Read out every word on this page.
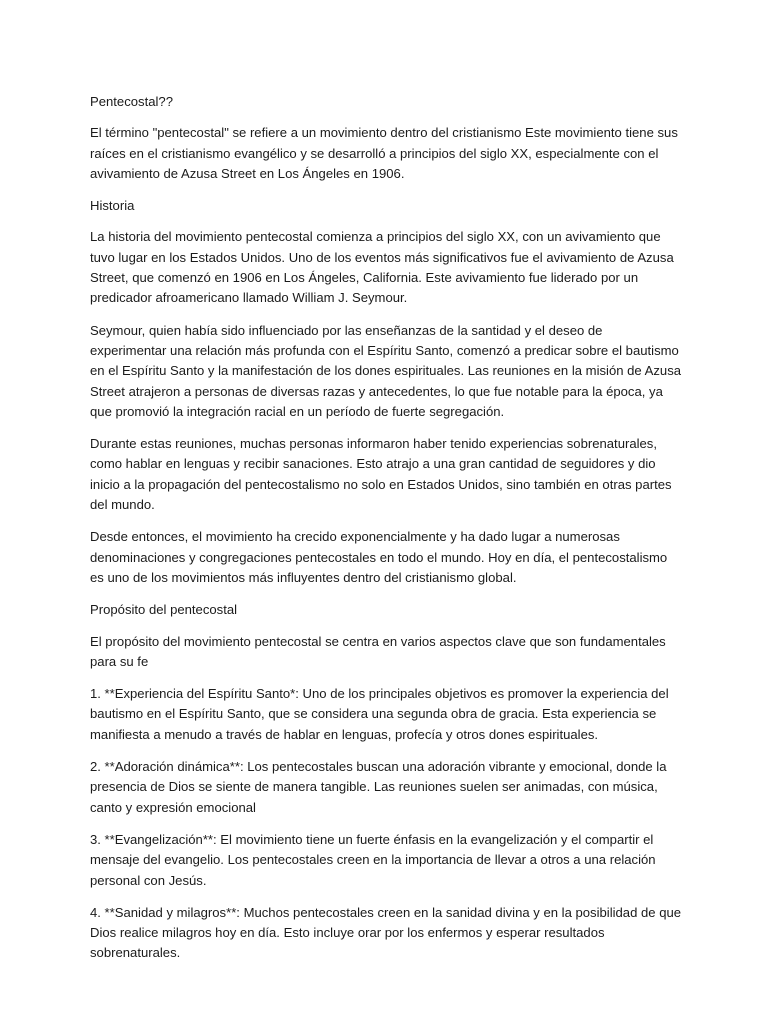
Pentecostal??

El término "pentecostal" se refiere a un movimiento dentro del cristianismo Este movimiento tiene sus raíces en el cristianismo evangélico y se desarrolló a principios del siglo XX, especialmente con el avivamiento de Azusa Street en Los Ángeles en 1906.

Historia

La historia del movimiento pentecostal comienza a principios del siglo XX, con un avivamiento que tuvo lugar en los Estados Unidos. Uno de los eventos más significativos fue el avivamiento de Azusa Street, que comenzó en 1906 en Los Ángeles, California. Este avivamiento fue liderado por un predicador afroamericano llamado William J. Seymour.

Seymour, quien había sido influenciado por las enseñanzas de la santidad y el deseo de experimentar una relación más profunda con el Espíritu Santo, comenzó a predicar sobre el bautismo en el Espíritu Santo y la manifestación de los dones espirituales. Las reuniones en la misión de Azusa Street atrajeron a personas de diversas razas y antecedentes, lo que fue notable para la época, ya que promovió la integración racial en un período de fuerte segregación.

Durante estas reuniones, muchas personas informaron haber tenido experiencias sobrenaturales, como hablar en lenguas y recibir sanaciones. Esto atrajo a una gran cantidad de seguidores y dio inicio a la propagación del pentecostalismo no solo en Estados Unidos, sino también en otras partes del mundo.

Desde entonces, el movimiento ha crecido exponencialmente y ha dado lugar a numerosas denominaciones y congregaciones pentecostales en todo el mundo. Hoy en día, el pentecostalismo es uno de los movimientos más influyentes dentro del cristianismo global.

Propósito del pentecostal

El propósito del movimiento pentecostal se centra en varios aspectos clave que son fundamentales para su fe

1. **Experiencia del Espíritu Santo*: Uno de los principales objetivos es promover la experiencia del bautismo en el Espíritu Santo, que se considera una segunda obra de gracia. Esta experiencia se manifiesta a menudo a través de hablar en lenguas, profecía y otros dones espirituales.

2. **Adoración dinámica**: Los pentecostales buscan una adoración vibrante y emocional, donde la presencia de Dios se siente de manera tangible. Las reuniones suelen ser animadas, con música, canto y expresión emocional

3. **Evangelización**: El movimiento tiene un fuerte énfasis en la evangelización y el compartir el mensaje del evangelio. Los pentecostales creen en la importancia de llevar a otros a una relación personal con Jesús.

4. **Sanidad y milagros**: Muchos pentecostales creen en la sanidad divina y en la posibilidad de que Dios realice milagros hoy en día. Esto incluye orar por los enfermos y esperar resultados sobrenaturales.
